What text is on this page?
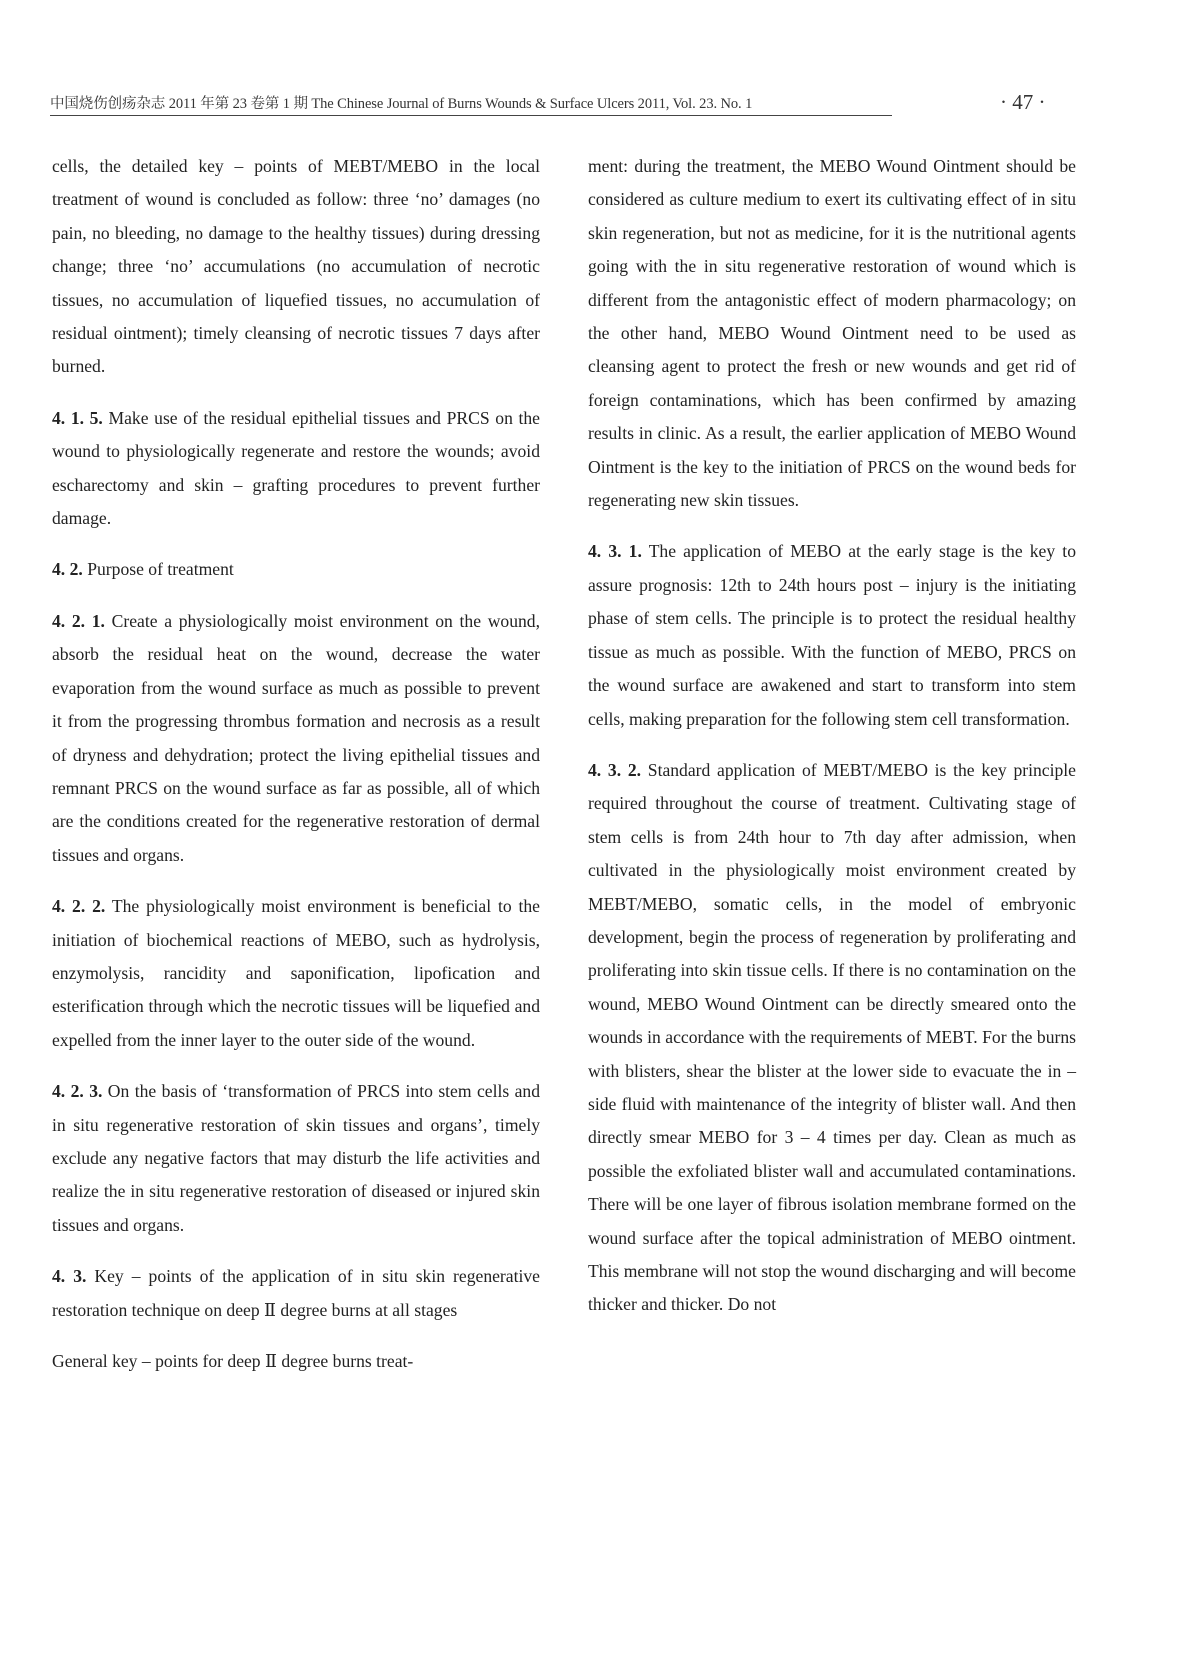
中国烧伤创疡杂志 2011 年第 23 卷第 1 期 The Chinese Journal of Burns Wounds & Surface Ulcers 2011, Vol. 23. No. 1	· 47 ·

cells, the detailed key – points of MEBT/MEBO in the local treatment of wound is concluded as follow: three ‘no’ damages (no pain, no bleeding, no damage to the healthy tissues) during dressing change; three ‘no’ accumulations (no accumulation of necrotic tissues, no accumulation of liquefied tissues, no accumulation of residual ointment); timely cleansing of necrotic tissues 7 days after burned.

4. 1. 5. Make use of the residual epithelial tissues and PRCS on the wound to physiologically regenerate and restore the wounds; avoid escharectomy and skin – grafting procedures to prevent further damage.

4. 2. Purpose of treatment

4. 2. 1. Create a physiologically moist environment on the wound, absorb the residual heat on the wound, decrease the water evaporation from the wound surface as much as possible to prevent it from the progressing thrombus formation and necrosis as a result of dryness and dehydration; protect the living epithelial tissues and remnant PRCS on the wound surface as far as possible, all of which are the conditions created for the regenerative restoration of dermal tissues and organs.

4. 2. 2. The physiologically moist environment is beneficial to the initiation of biochemical reactions of MEBO, such as hydrolysis, enzymolysis, rancidity and saponification, lipofication and esterification through which the necrotic tissues will be liquefied and expelled from the inner layer to the outer side of the wound.

4. 2. 3. On the basis of ‘transformation of PRCS into stem cells and in situ regenerative restoration of skin tissues and organs’, timely exclude any negative factors that may disturb the life activities and realize the in situ regenerative restoration of diseased or injured skin tissues and organs.

4. 3. Key – points of the application of in situ skin regenerative restoration technique on deep Ⅱ degree burns at all stages

General key – points for deep Ⅱ degree burns treat-

ment: during the treatment, the MEBO Wound Ointment should be considered as culture medium to exert its cultivating effect of in situ skin regeneration, but not as medicine, for it is the nutritional agents going with the in situ regenerative restoration of wound which is different from the antagonistic effect of modern pharmacology; on the other hand, MEBO Wound Ointment need to be used as cleansing agent to protect the fresh or new wounds and get rid of foreign contaminations, which has been confirmed by amazing results in clinic. As a result, the earlier application of MEBO Wound Ointment is the key to the initiation of PRCS on the wound beds for regenerating new skin tissues.

4. 3. 1. The application of MEBO at the early stage is the key to assure prognosis: 12th to 24th hours post – injury is the initiating phase of stem cells. The principle is to protect the residual healthy tissue as much as possible. With the function of MEBO, PRCS on the wound surface are awakened and start to transform into stem cells, making preparation for the following stem cell transformation.

4. 3. 2. Standard application of MEBT/MEBO is the key principle required throughout the course of treatment. Cultivating stage of stem cells is from 24th hour to 7th day after admission, when cultivated in the physiologically moist environment created by MEBT/MEBO, somatic cells, in the model of embryonic development, begin the process of regeneration by proliferating and proliferating into skin tissue cells. If there is no contamination on the wound, MEBO Wound Ointment can be directly smeared onto the wounds in accordance with the requirements of MEBT. For the burns with blisters, shear the blister at the lower side to evacuate the in – side fluid with maintenance of the integrity of blister wall. And then directly smear MEBO for 3 – 4 times per day. Clean as much as possible the exfoliated blister wall and accumulated contaminations. There will be one layer of fibrous isolation membrane formed on the wound surface after the topical administration of MEBO ointment. This membrane will not stop the wound discharging and will become thicker and thicker. Do not
